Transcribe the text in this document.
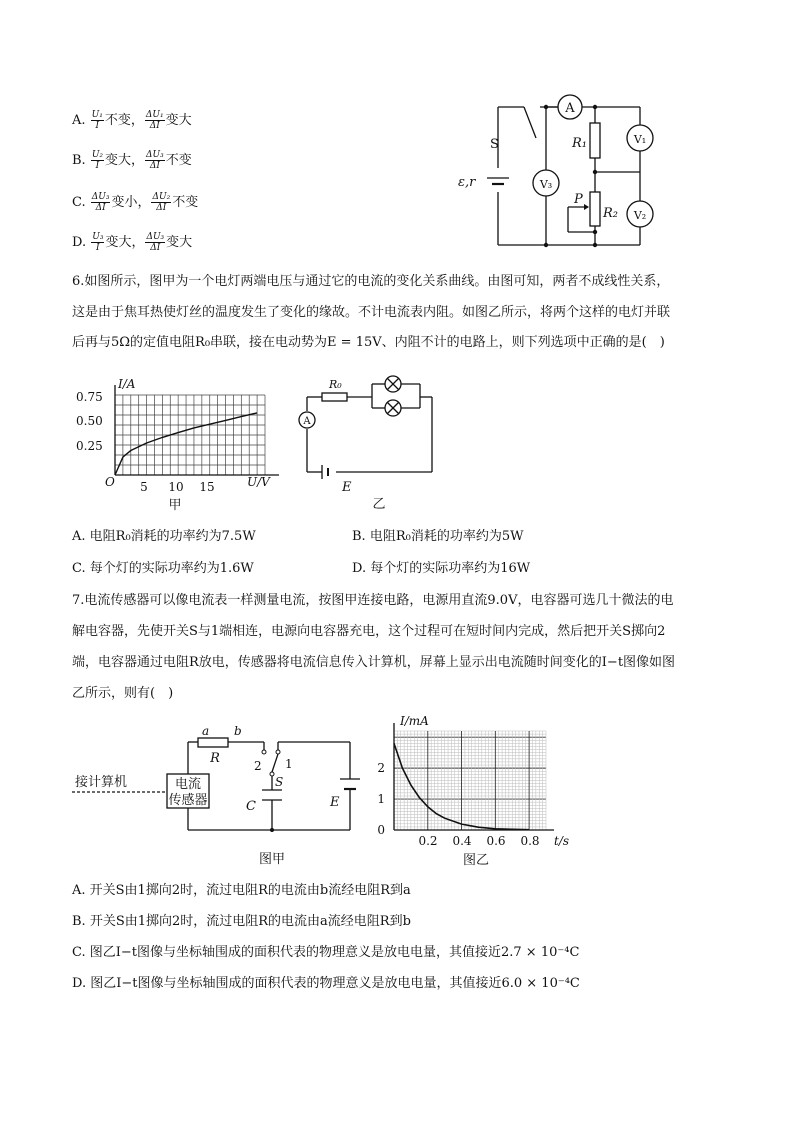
A. $\frac{\text{U₁}}{I}$ 不变， $\frac{\text{ΔU₁}}{\Delta I}$ 变大
B. $\frac{\text{U₂}}{I}$ 变大， $\frac{\text{ΔU₃}}{\Delta I}$ 不变
C. $\frac{\text{ΔU₃}}{\Delta I}$ 变小， $\frac{\text{ΔU₂}}{\Delta I}$ 不变
D. $\frac{\text{U₃}}{I}$ 变大， $\frac{\text{ΔU₃}}{\Delta I}$ 变大
A
V₃
V₁
V₂
R₁
R₂
S
ε,r
P
6.如图所示，图甲为一个电灯两端电压与通过它的电流的变化关系曲线。由图可知，两者不成线性关系，
这是由于焦耳热使灯丝的温度发生了变化的缘故。不计电流表内阻。如图乙所示，将两个这样的电灯并联
后再与5Ω的定值电阻R₀串联，接在电动势为E = 15V、内阻不计的电路上，则下列选项中正确的是( )
I/A
U/V
O
0.75
0.50
0.25
5 10 15
甲
R₀
A
E
乙
A. 电阻R₀消耗的功率约为7.5W	B. 电阻R₀消耗的功率约为5W
C. 每个灯的实际功率约为1.6W	D. 每个灯的实际功率约为16W
7.电流传感器可以像电流表一样测量电流，按图甲连接电路，电源用直流9.0V，电容器可选几十微法的电
解电容器，先使开关S与1端相连，电源向电容器充电，这个过程可在短时间内完成，然后把开关S掷向2
端，电容器通过电阻R放电，传感器将电流信息传入计算机，屏幕上显示出电流随时间变化的I−t图像如图
乙所示，则有( )
接计算机	电流
传感器
a b
R	2 1
S
C	E
图甲
I/mA
t/s
2
1
0
0.2 0.4 0.6 0.8
图乙
A. 开关S由1掷向2时，流过电阻R的电流由b流经电阻R到a
B. 开关S由1掷向2时，流过电阻R的电流由a流经电阻R到b
C. 图乙I−t图像与坐标轴围成的面积代表的物理意义是放电电量，其值接近2.7 × 10⁻⁴C
D. 图乙I−t图像与坐标轴围成的面积代表的物理意义是放电电量，其值接近6.0 × 10⁻⁴C
